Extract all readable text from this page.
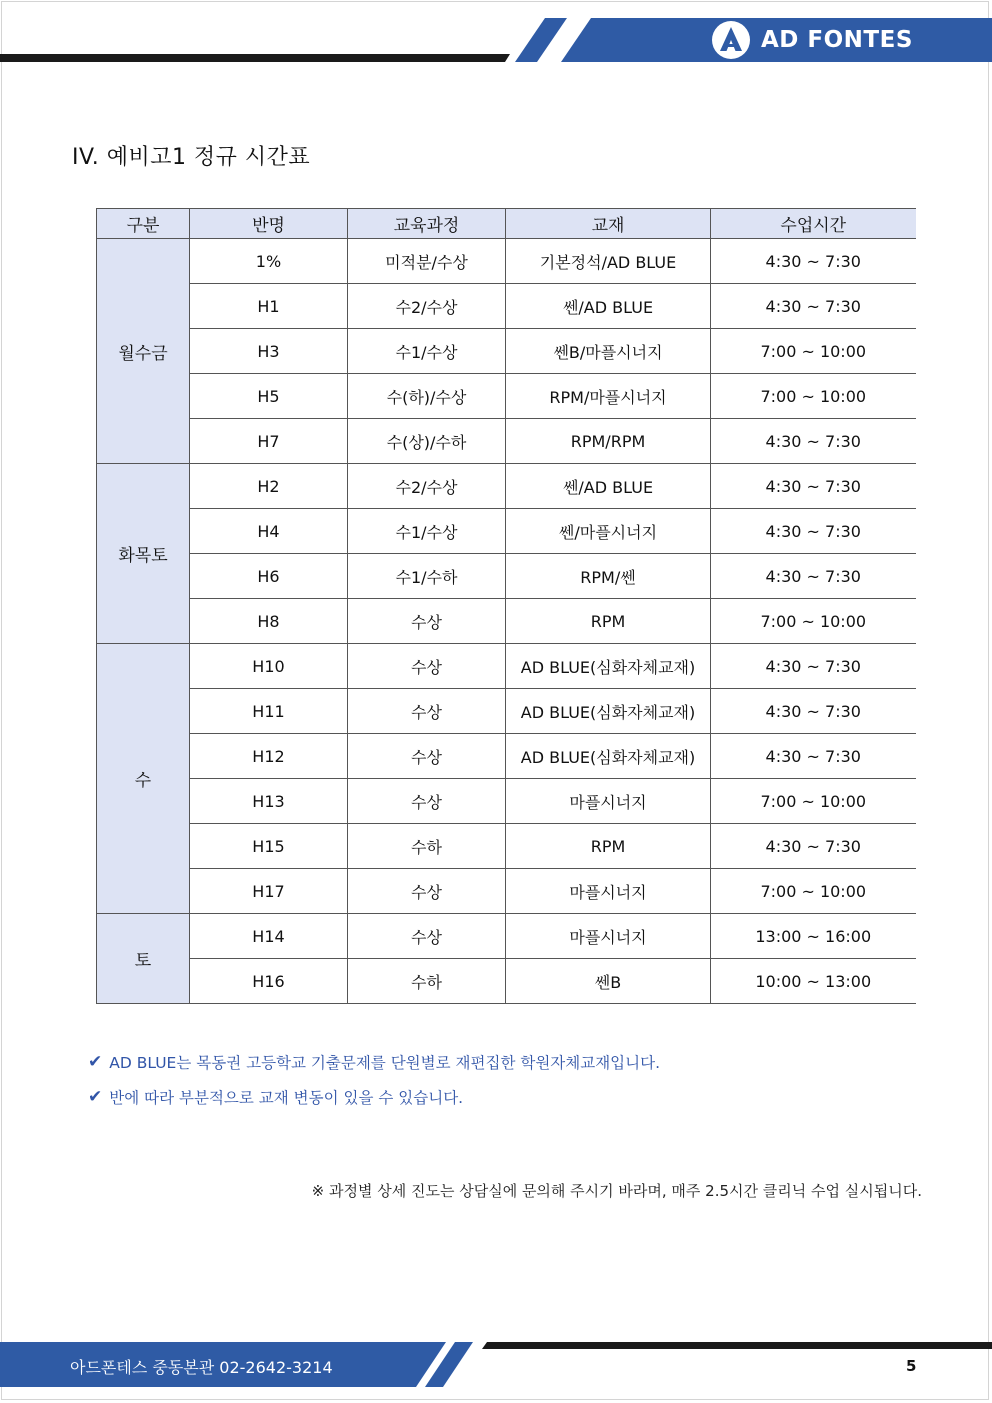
AD FONTES
IV. 예비고1 정규 시간표
구분	반명	교육과정	교재	수업시간
월수금	1%	미적분/수상	기본정석/AD BLUE	4:30 ~ 7:30
	H1	수2/수상	쎈/AD BLUE	4:30 ~ 7:30
	H3	수1/수상	쎈B/마플시너지	7:00 ~ 10:00
	H5	수(하)/수상	RPM/마플시너지	7:00 ~ 10:00
	H7	수(상)/수하	RPM/RPM	4:30 ~ 7:30
화목토	H2	수2/수상	쎈/AD BLUE	4:30 ~ 7:30
	H4	수1/수상	쎈/마플시너지	4:30 ~ 7:30
	H6	수1/수하	RPM/쎈	4:30 ~ 7:30
	H8	수상	RPM	7:00 ~ 10:00
수	H10	수상	AD BLUE(심화자체교재)	4:30 ~ 7:30
	H11	수상	AD BLUE(심화자체교재)	4:30 ~ 7:30
	H12	수상	AD BLUE(심화자체교재)	4:30 ~ 7:30
	H13	수상	마플시너지	7:00 ~ 10:00
	H15	수하	RPM	4:30 ~ 7:30
	H17	수상	마플시너지	7:00 ~ 10:00
토	H14	수상	마플시너지	13:00 ~ 16:00
	H16	수하	쎈B	10:00 ~ 13:00
✔ AD BLUE는 목동권 고등학교 기출문제를 단원별로 재편집한 학원자체교재입니다.
✔ 반에 따라 부분적으로 교재 변동이 있을 수 있습니다.
※ 과정별 상세 진도는 상담실에 문의해 주시기 바라며, 매주 2.5시간 클리닉 수업 실시됩니다.
아드폰테스 중동본관 02-2642-3214	5
